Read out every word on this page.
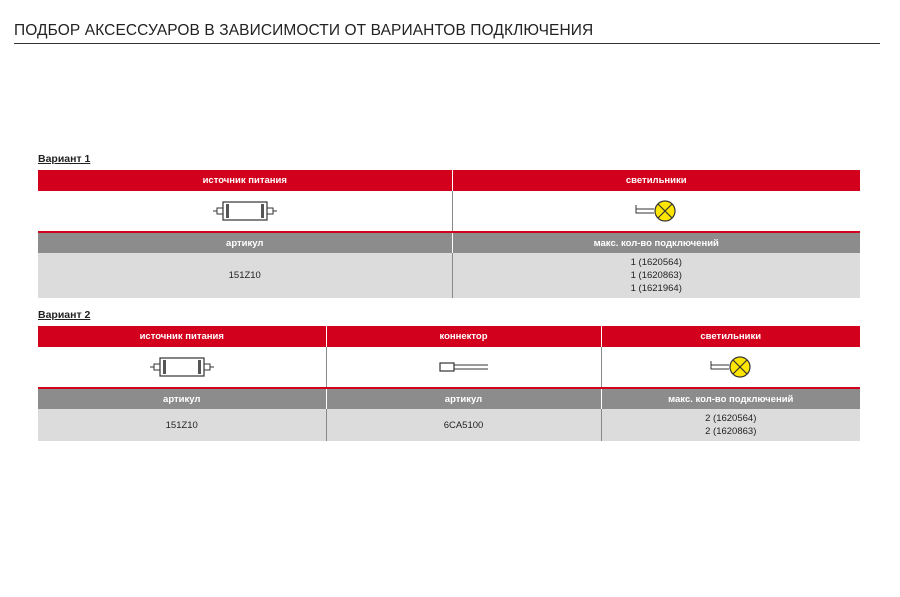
ПОДБОР АКСЕССУАРОВ В ЗАВИСИМОСТИ ОТ ВАРИАНТОВ ПОДКЛЮЧЕНИЯ
Вариант 1
источник питания	светильники

артикул	макс. кол-во подключений
151Z10	1 (1620564)
1 (1620863)
1 (1621964)
Вариант 2
источник питания	коннектор	светильники

артикул	артикул	макс. кол-во подключений
151Z10	6CA5100	2 (1620564)
2 (1620863)
